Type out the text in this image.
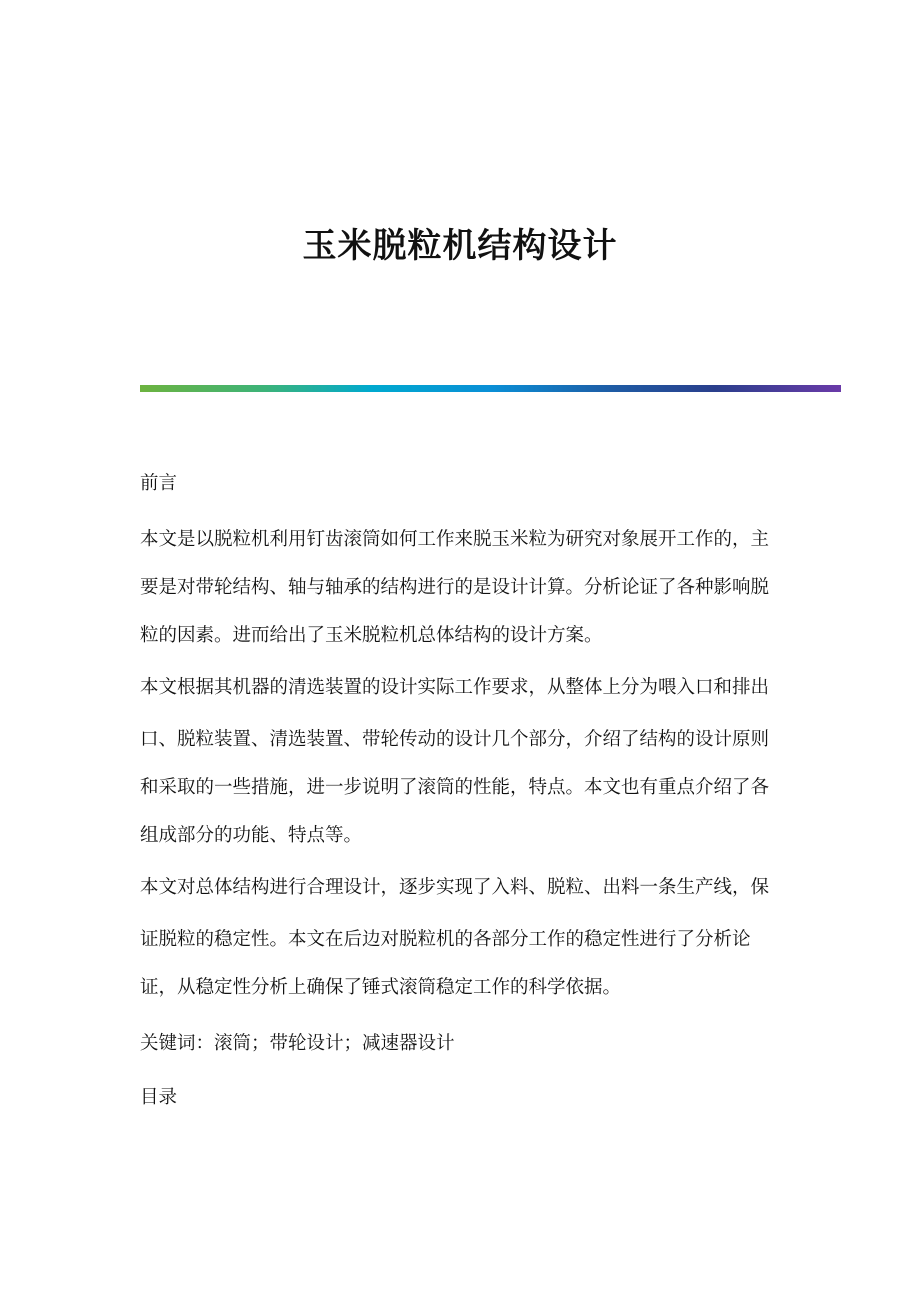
玉米脱粒机结构设计
前言
本文是以脱粒机利用钉齿滚筒如何工作来脱玉米粒为研究对象展开工作的，主
要是对带轮结构、轴与轴承的结构进行的是设计计算。分析论证了各种影响脱
粒的因素。进而给出了玉米脱粒机总体结构的设计方案。
本文根据其机器的清选装置的设计实际工作要求，从整体上分为喂入口和排出
口、脱粒装置、清选装置、带轮传动的设计几个部分，介绍了结构的设计原则
和采取的一些措施，进一步说明了滚筒的性能，特点。本文也有重点介绍了各
组成部分的功能、特点等。
本文对总体结构进行合理设计，逐步实现了入料、脱粒、出料一条生产线，保
证脱粒的稳定性。本文在后边对脱粒机的各部分工作的稳定性进行了分析论
证，从稳定性分析上确保了锤式滚筒稳定工作的科学依据。
关键词：滚筒；带轮设计；减速器设计
目录
